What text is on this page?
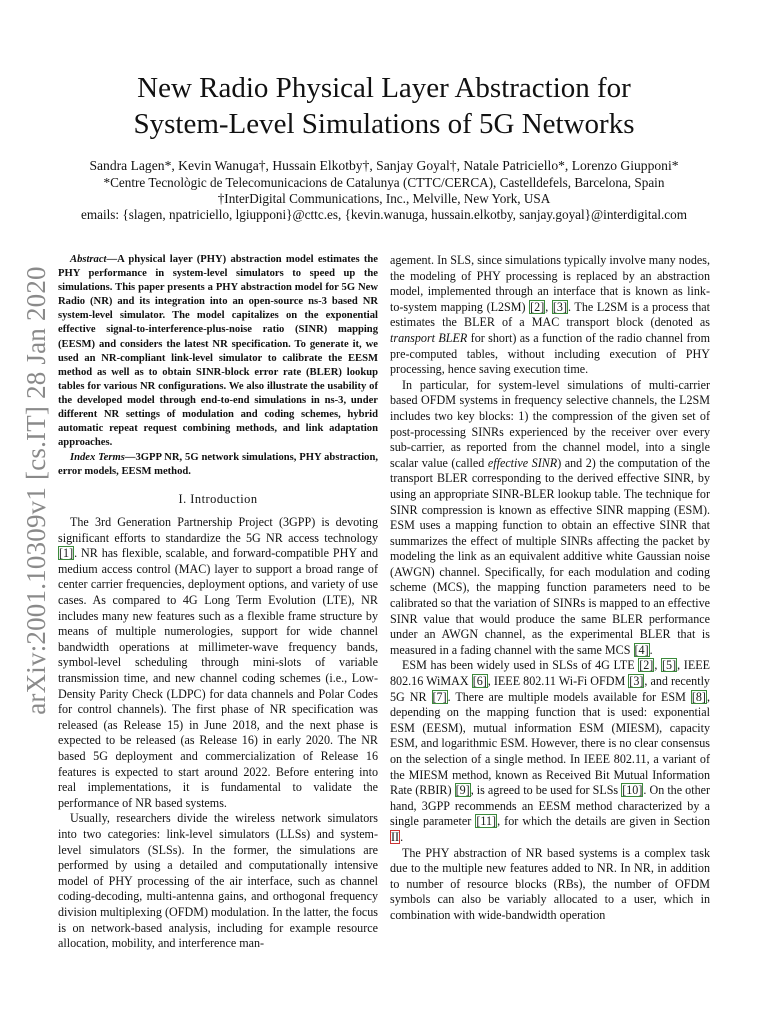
arXiv:2001.10309v1 [cs.IT] 28 Jan 2020
New Radio Physical Layer Abstraction for
System-Level Simulations of 5G Networks
Sandra Lagen*, Kevin Wanuga†, Hussain Elkotby†, Sanjay Goyal†, Natale Patriciello*, Lorenzo Giupponi*
*Centre Tecnològic de Telecomunicacions de Catalunya (CTTC/CERCA), Castelldefels, Barcelona, Spain
†InterDigital Communications, Inc., Melville, New York, USA
emails: {slagen, npatriciello, lgiupponi}@cttc.es, {kevin.wanuga, hussain.elkotby, sanjay.goyal}@interdigital.com

Abstract—A physical layer (PHY) abstraction model estimates the PHY performance in system-level simulators to speed up the simulations. This paper presents a PHY abstraction model for 5G New Radio (NR) and its integration into an open-source ns-3 based NR system-level simulator. The model capitalizes on the exponential effective signal-to-interference-plus-noise ratio (SINR) mapping (EESM) and considers the latest NR specification. To generate it, we used an NR-compliant link-level simulator to calibrate the EESM method as well as to obtain SINR-block error rate (BLER) lookup tables for various NR configurations. We also illustrate the usability of the developed model through end-to-end simulations in ns-3, under different NR settings of modulation and coding schemes, hybrid automatic repeat request combining methods, and link adaptation approaches.

Index Terms—3GPP NR, 5G network simulations, PHY abstraction, error models, EESM method.

I. Introduction

The 3rd Generation Partnership Project (3GPP) is devoting significant efforts to standardize the 5G NR access technology [1]. NR has flexible, scalable, and forward-compatible PHY and medium access control (MAC) layer to support a broad range of center carrier frequencies, deployment options, and variety of use cases. As compared to 4G Long Term Evolution (LTE), NR includes many new features such as a flexible frame structure by means of multiple numerologies, support for wide channel bandwidth operations at millimeter-wave frequency bands, symbol-level scheduling through mini-slots of variable transmission time, and new channel coding schemes (i.e., Low-Density Parity Check (LDPC) for data channels and Polar Codes for control channels). The first phase of NR specification was released (as Release 15) in June 2018, and the next phase is expected to be released (as Release 16) in early 2020. The NR based 5G deployment and commercialization of Release 16 features is expected to start around 2022. Before entering into real implementations, it is fundamental to validate the performance of NR based systems.

Usually, researchers divide the wireless network simulators into two categories: link-level simulators (LLSs) and system-level simulators (SLSs). In the former, the simulations are performed by using a detailed and computationally intensive model of PHY processing of the air interface, such as channel coding-decoding, multi-antenna gains, and orthogonal frequency division multiplexing (OFDM) modulation. In the latter, the focus is on network-based analysis, including for example resource allocation, mobility, and interference man-

agement. In SLS, since simulations typically involve many nodes, the modeling of PHY processing is replaced by an abstraction model, implemented through an interface that is known as link-to-system mapping (L2SM) [2], [3]. The L2SM is a process that estimates the BLER of a MAC transport block (denoted as transport BLER for short) as a function of the radio channel from pre-computed tables, without including execution of PHY processing, hence saving execution time.

In particular, for system-level simulations of multi-carrier based OFDM systems in frequency selective channels, the L2SM includes two key blocks: 1) the compression of the given set of post-processing SINRs experienced by the receiver over every sub-carrier, as reported from the channel model, into a single scalar value (called effective SINR) and 2) the computation of the transport BLER corresponding to the derived effective SINR, by using an appropriate SINR-BLER lookup table. The technique for SINR compression is known as effective SINR mapping (ESM). ESM uses a mapping function to obtain an effective SINR that summarizes the effect of multiple SINRs affecting the packet by modeling the link as an equivalent additive white Gaussian noise (AWGN) channel. Specifically, for each modulation and coding scheme (MCS), the mapping function parameters need to be calibrated so that the variation of SINRs is mapped to an effective SINR value that would produce the same BLER performance under an AWGN channel, as the experimental BLER that is measured in a fading channel with the same MCS [4].

ESM has been widely used in SLSs of 4G LTE [2], [5], IEEE 802.16 WiMAX [6], IEEE 802.11 Wi-Fi OFDM [3], and recently 5G NR [7]. There are multiple models available for ESM [8], depending on the mapping function that is used: exponential ESM (EESM), mutual information ESM (MIESM), capacity ESM, and logarithmic ESM. However, there is no clear consensus on the selection of a single method. In IEEE 802.11, a variant of the MIESM method, known as Received Bit Mutual Information Rate (RBIR) [9], is agreed to be used for SLSs [10]. On the other hand, 3GPP recommends an EESM method characterized by a single parameter [11], for which the details are given in Section II.

The PHY abstraction of NR based systems is a complex task due to the multiple new features added to NR. In NR, in addition to number of resource blocks (RBs), the number of OFDM symbols can also be variably allocated to a user, which in combination with wide-bandwidth operation
